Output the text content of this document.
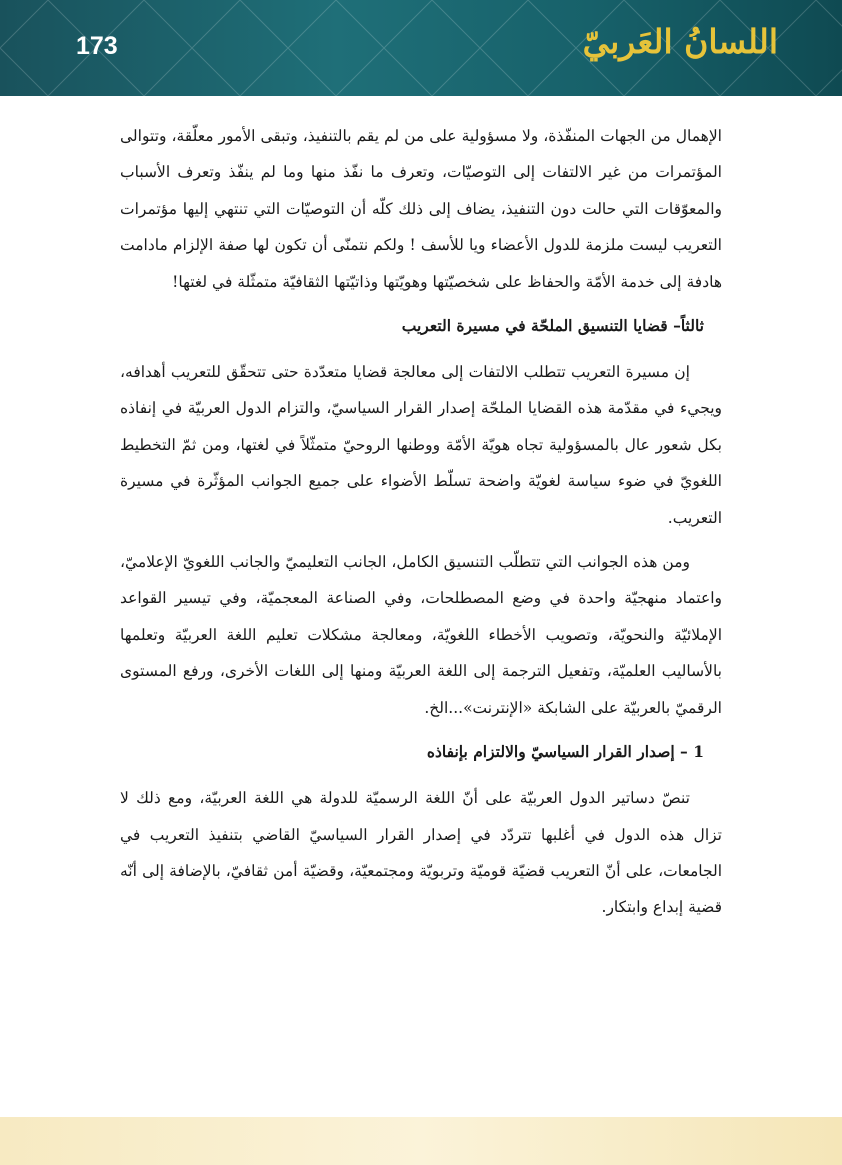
173	اللسانُ العَربيّ

الإهمال من الجهات المنفّذة، ولا مسؤولية على من لم يقم بالتنفيذ، وتبقى الأمور معلّقة، وتتوالى المؤتمرات من غير الالتفات إلى التوصيّات، وتعرف ما نفّذ منها وما لم ينفّذ وتعرف الأسباب والمعوّقات التي حالت دون التنفيذ، يضاف إلى ذلك كلّه أن التوصيّات التي تنتهي إليها مؤتمرات التعريب ليست ملزمة للدول الأعضاء ويا للأسف ! ولكم نتمنّى أن تكون لها صفة الإلزام مادامت هادفة إلى خدمة الأمّة والحفاظ على شخصيّتها وهويّتها وذاتيّتها الثقافيّة متمثّلة في لغتها!

ثالثاً– قضايا التنسيق الملحّة في مسيرة التعريب

إن مسيرة التعريب تتطلب الالتفات إلى معالجة قضايا متعدّدة حتى تتحقّق للتعريب أهدافه، ويجيء في مقدّمة هذه القضايا الملحّة إصدار القرار السياسيّ، والتزام الدول العربيّة في إنفاذه بكل شعور عال بالمسؤولية تجاه هويّة الأمّة ووطنها الروحيّ متمثّلاً في لغتها، ومن ثمّ التخطيط اللغويّ في ضوء سياسة لغويّة واضحة تسلّط الأضواء على جميع الجوانب المؤثّرة في مسيرة التعريب.

ومن هذه الجوانب التي تتطلّب التنسيق الكامل، الجانب التعليميّ والجانب اللغويّ الإعلاميّ، واعتماد منهجيّة واحدة في وضع المصطلحات، وفي الصناعة المعجميّة، وفي تيسير القواعد الإملائيّة والنحويّة، وتصويب الأخطاء اللغويّة، ومعالجة مشكلات تعليم اللغة العربيّة وتعلمها بالأساليب العلميّة، وتفعيل الترجمة إلى اللغة العربيّة ومنها إلى اللغات الأخرى، ورفع المستوى الرقميّ بالعربيّة على الشابكة «الإنترنت»...الخ.

1 – إصدار القرار السياسيّ والالتزام بإنفاذه

تنصّ دساتير الدول العربيّة على أنّ اللغة الرسميّة للدولة هي اللغة العربيّة، ومع ذلك لا تزال هذه الدول في أغلبها تتردّد في إصدار القرار السياسيّ القاضي بتنفيذ التعريب في الجامعات، على أنّ التعريب قضيّة قوميّة وتربويّة ومجتمعيّة، وقضيّة أمن ثقافيّ، بالإضافة إلى أنّه قضية إبداع وابتكار.
